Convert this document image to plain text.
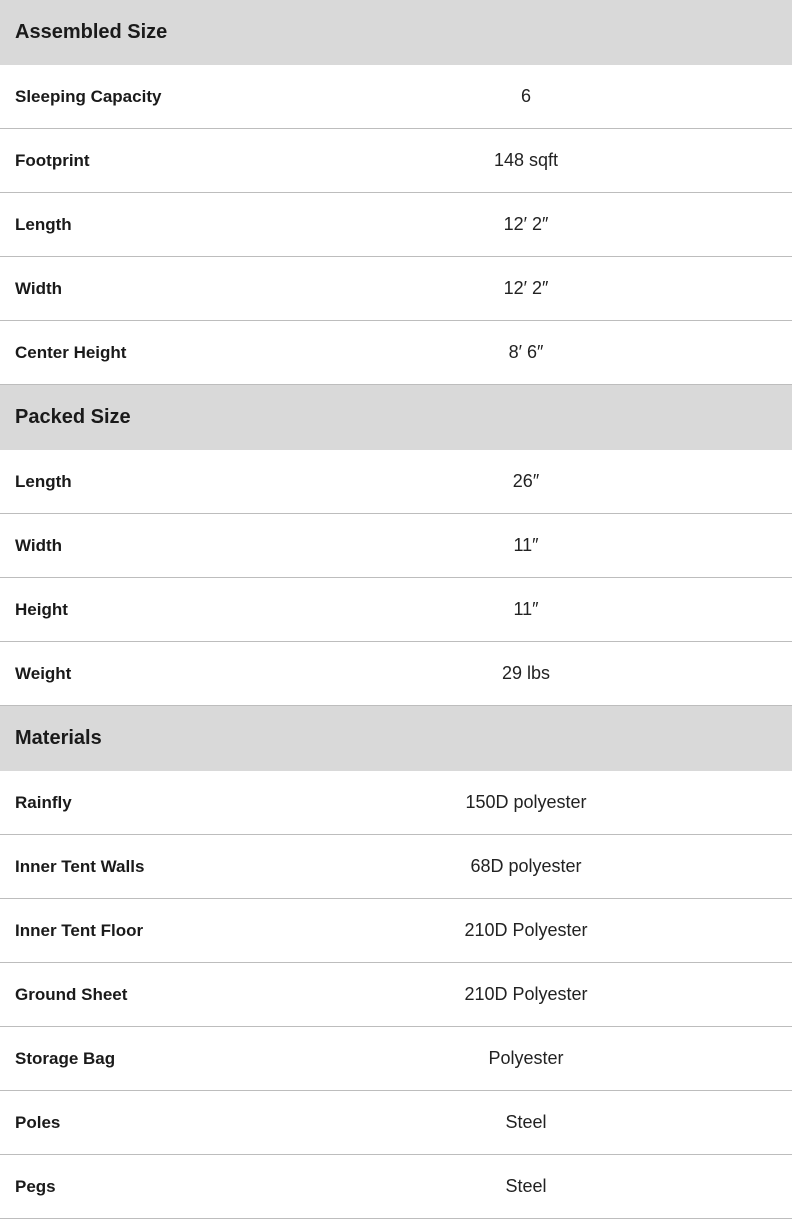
Assembled Size	
Sleeping Capacity	6
Footprint	148 sqft
Length	12′ 2″
Width	12′ 2″
Center Height	8′ 6″
Packed Size	
Length	26″
Width	11″
Height	11″
Weight	29 lbs
Materials	
Rainfly	150D polyester
Inner Tent Walls	68D polyester
Inner Tent Floor	210D Polyester
Ground Sheet	210D Polyester
Storage Bag	Polyester
Poles	Steel
Pegs	Steel
